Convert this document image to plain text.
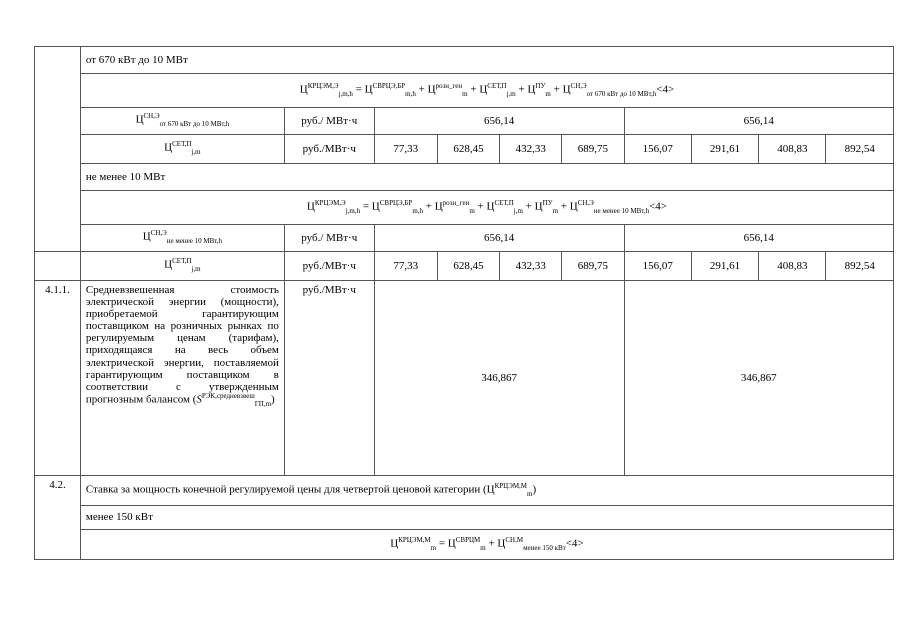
	от 670 кВт до 10 МВт									
	$Ц^{КРЦЭМ,Э}_{j,m,h} = Ц^{СВРЦЭ,БР}_{m,h} + Ц^{розн\_ген}_m + Ц^{СЕТ,П}_{j,m} + Ц^{ПУ}_m + Ц^{СН,Э}_{от 670 кВт до 10 МВт,h}<4>$									
	$Ц^{СН,Э}_{от 670 кВт до 10 МВт,h}$	руб./ МВт·ч	656,14				656,14			
	$Ц^{СЕТ,П}_{j,m}$	руб./МВт·ч	77,33	628,45	432,33	689,75	156,07	291,61	408,83	892,54
	не менее 10 МВт									
	$Ц^{КРЦЭМ,Э}_{j,m,h} = Ц^{СВРЦЭ,БР}_{m,h} + Ц^{розн\_ген}_m + Ц^{СЕТ,П}_{j,m} + Ц^{ПУ}_m + Ц^{СН,Э}_{не менее 10 МВт,h}<4>$									
	$Ц^{СН,Э}_{не менее 10 МВт,h}$	руб./ МВт·ч	656,14				656,14			
	$Ц^{СЕТ,П}_{j,m}$	руб./МВт·ч	77,33	628,45	432,33	689,75	156,07	291,61	408,83	892,54
4.1.1.	Средневзвешенная стоимость электрической энергии (мощности), приобретаемой гарантирующим поставщиком на розничных рынках по регулируемым ценам (тарифам), приходящаяся на весь объем электрической энергии, поставляемой гарантирующим поставщиком в соответствии с утвержденным прогнозным балансом $(S^{РЭК,средневзвеш}_{ГП,m})$	руб./МВт·ч	346,867				346,867			
4.2.	Ставка за мощность конечной регулируемой цены для четвертой ценовой категории $(Ц^{КРЦЭМ,М}_m)$									
	менее 150 кВт									
	$Ц^{КРЦЭМ,М}_m = Ц^{СВРЦМ}_m + Ц^{СН,М}_{менее 150 кВт}<4>$									
